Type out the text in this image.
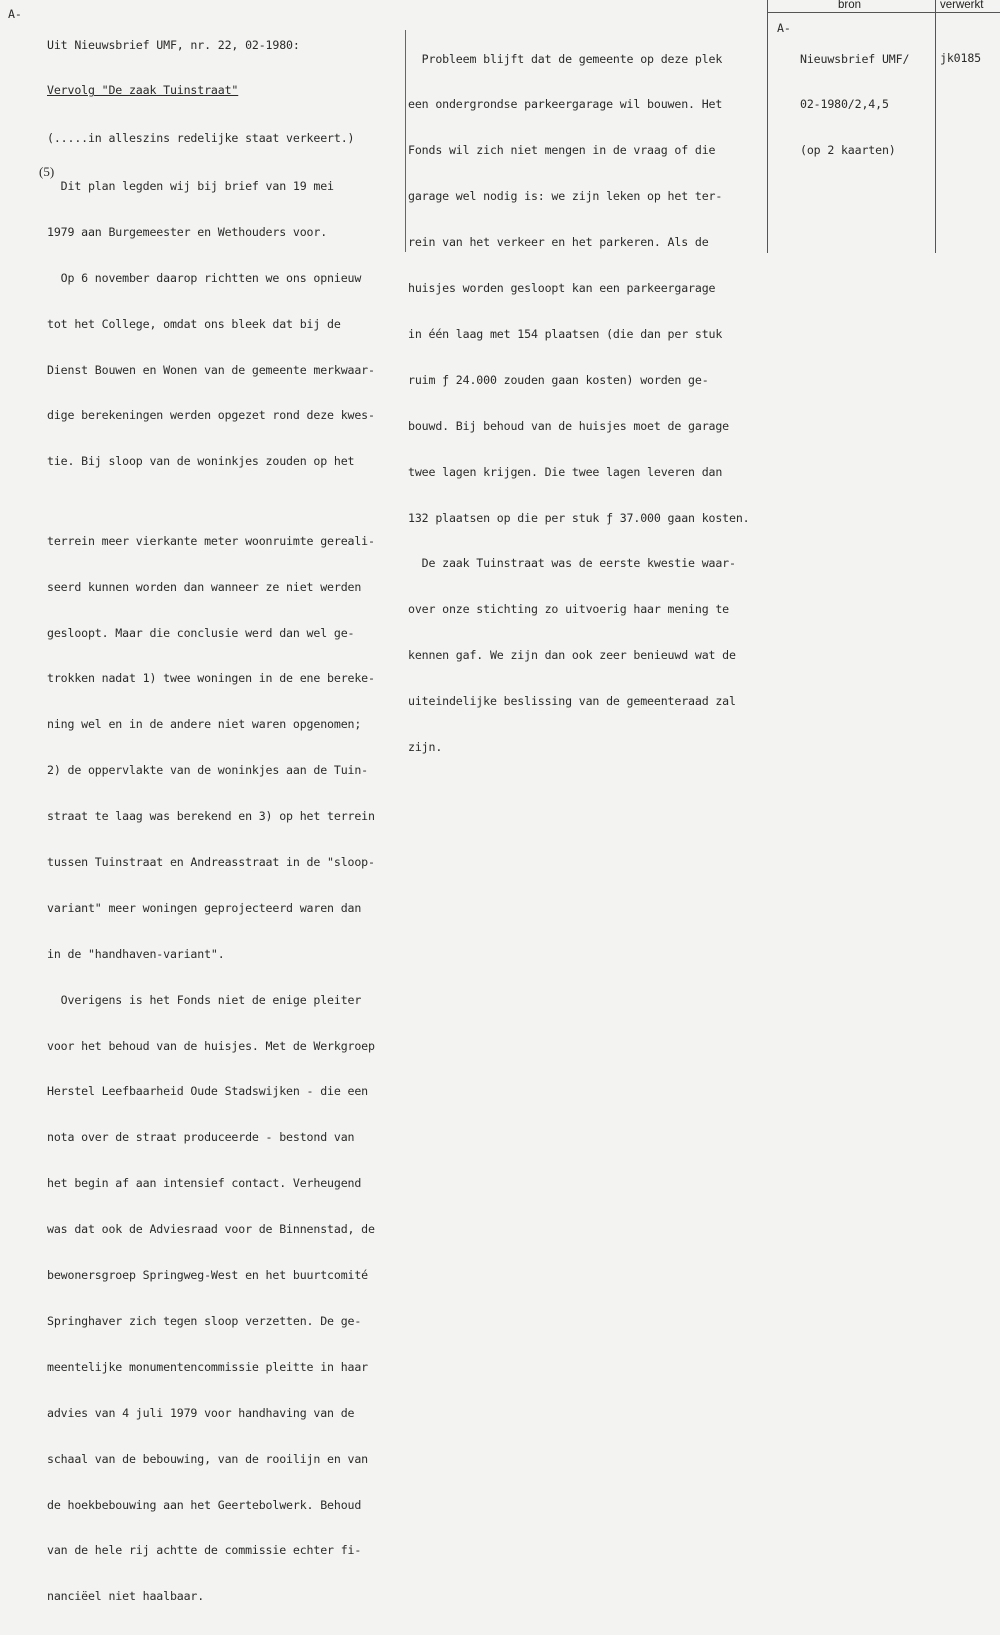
bron	verwerkt
A-

Uit Nieuwsbrief UMF, nr. 22, 02-1980:

Vervolg "De zaak Tuinstraat"

(.....in alleszins redelijke staat verkeert.)

Dit plan legden wij bij brief van 19 mei

1979 aan Burgemeester en Wethouders voor.

Op 6 november daarop richtten we ons opnieuw

tot het College, omdat ons bleek dat bij de

Dienst Bouwen en Wonen van de gemeente merkwaar-

dige berekeningen werden opgezet rond deze kwes-

tie. Bij sloop van de woninkjes zouden op het

terrein meer vierkante meter woonruimte gereali-

seerd kunnen worden dan wanneer ze niet werden

gesloopt. Maar die conclusie werd dan wel ge-

trokken nadat 1) twee woningen in de ene bereke-

ning wel en in de andere niet waren opgenomen;

2) de oppervlakte van de woninkjes aan de Tuin-

straat te laag was berekend en 3) op het terrein

tussen Tuinstraat en Andreasstraat in de "sloop-

variant" meer woningen geprojecteerd waren dan

in de "handhaven-variant".

Overigens is het Fonds niet de enige pleiter

voor het behoud van de huisjes. Met de Werkgroep

Herstel Leefbaarheid Oude Stadswijken - die een

nota over de straat produceerde - bestond van

het begin af aan intensief contact. Verheugend

was dat ook de Adviesraad voor de Binnenstad, de

bewonersgroep Springweg-West en het buurtcomité

Springhaver zich tegen sloop verzetten. De ge-

meentelijke monumentencommissie pleitte in haar

advies van 4 juli 1979 voor handhaving van de

schaal van de bebouwing, van de rooilijn en van

de hoekbebouwing aan het Geertebolwerk. Behoud

van de hele rij achtte de commissie echter fi-

nanciëel niet haalbaar.

(5)

Probleem blijft dat de gemeente op deze plek

een ondergrondse parkeergarage wil bouwen. Het

Fonds wil zich niet mengen in de vraag of die

garage wel nodig is: we zijn leken op het ter-

rein van het verkeer en het parkeren. Als de

huisjes worden gesloopt kan een parkeergarage

in één laag met 154 plaatsen (die dan per stuk

ruim ƒ 24.000 zouden gaan kosten) worden ge-

bouwd. Bij behoud van de huisjes moet de garage

twee lagen krijgen. Die twee lagen leveren dan

132 plaatsen op die per stuk ƒ 37.000 gaan kosten.

De zaak Tuinstraat was de eerste kwestie waar-

over onze stichting zo uitvoerig haar mening te

kennen gaf. We zijn dan ook zeer benieuwd wat de

uiteindelijke beslissing van de gemeenteraad zal

zijn.

A-

Nieuwsbrief UMF/

02-1980/2,4,5

(op 2 kaarten)

jk0185
